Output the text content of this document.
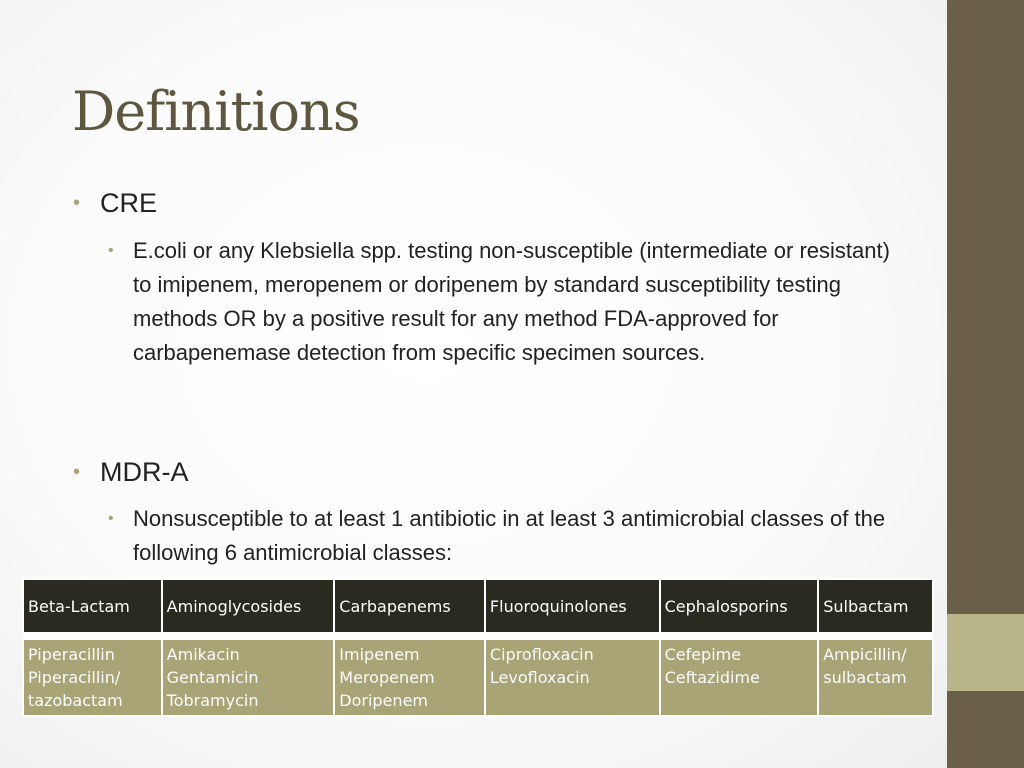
Definitions
• CRE
• E.coli or any Klebsiella spp. testing non-susceptible (intermediate or resistant) to imipenem, meropenem or doripenem by standard susceptibility testing methods OR by a positive result for any method FDA-approved for carbapenemase detection from specific specimen sources.
• MDR-A
• Nonsusceptible to at least 1 antibiotic in at least 3 antimicrobial classes of the following 6 antimicrobial classes:
Beta-Lactam	Aminoglycosides	Carbapenems	Fluoroquinolones	Cephalosporins	Sulbactam

Piperacillin
Piperacillin/
tazobactam	Amikacin
Gentamicin
Tobramycin	Imipenem
Meropenem
Doripenem	Ciprofloxacin
Levofloxacin	Cefepime
Ceftazidime	Ampicillin/
sulbactam
